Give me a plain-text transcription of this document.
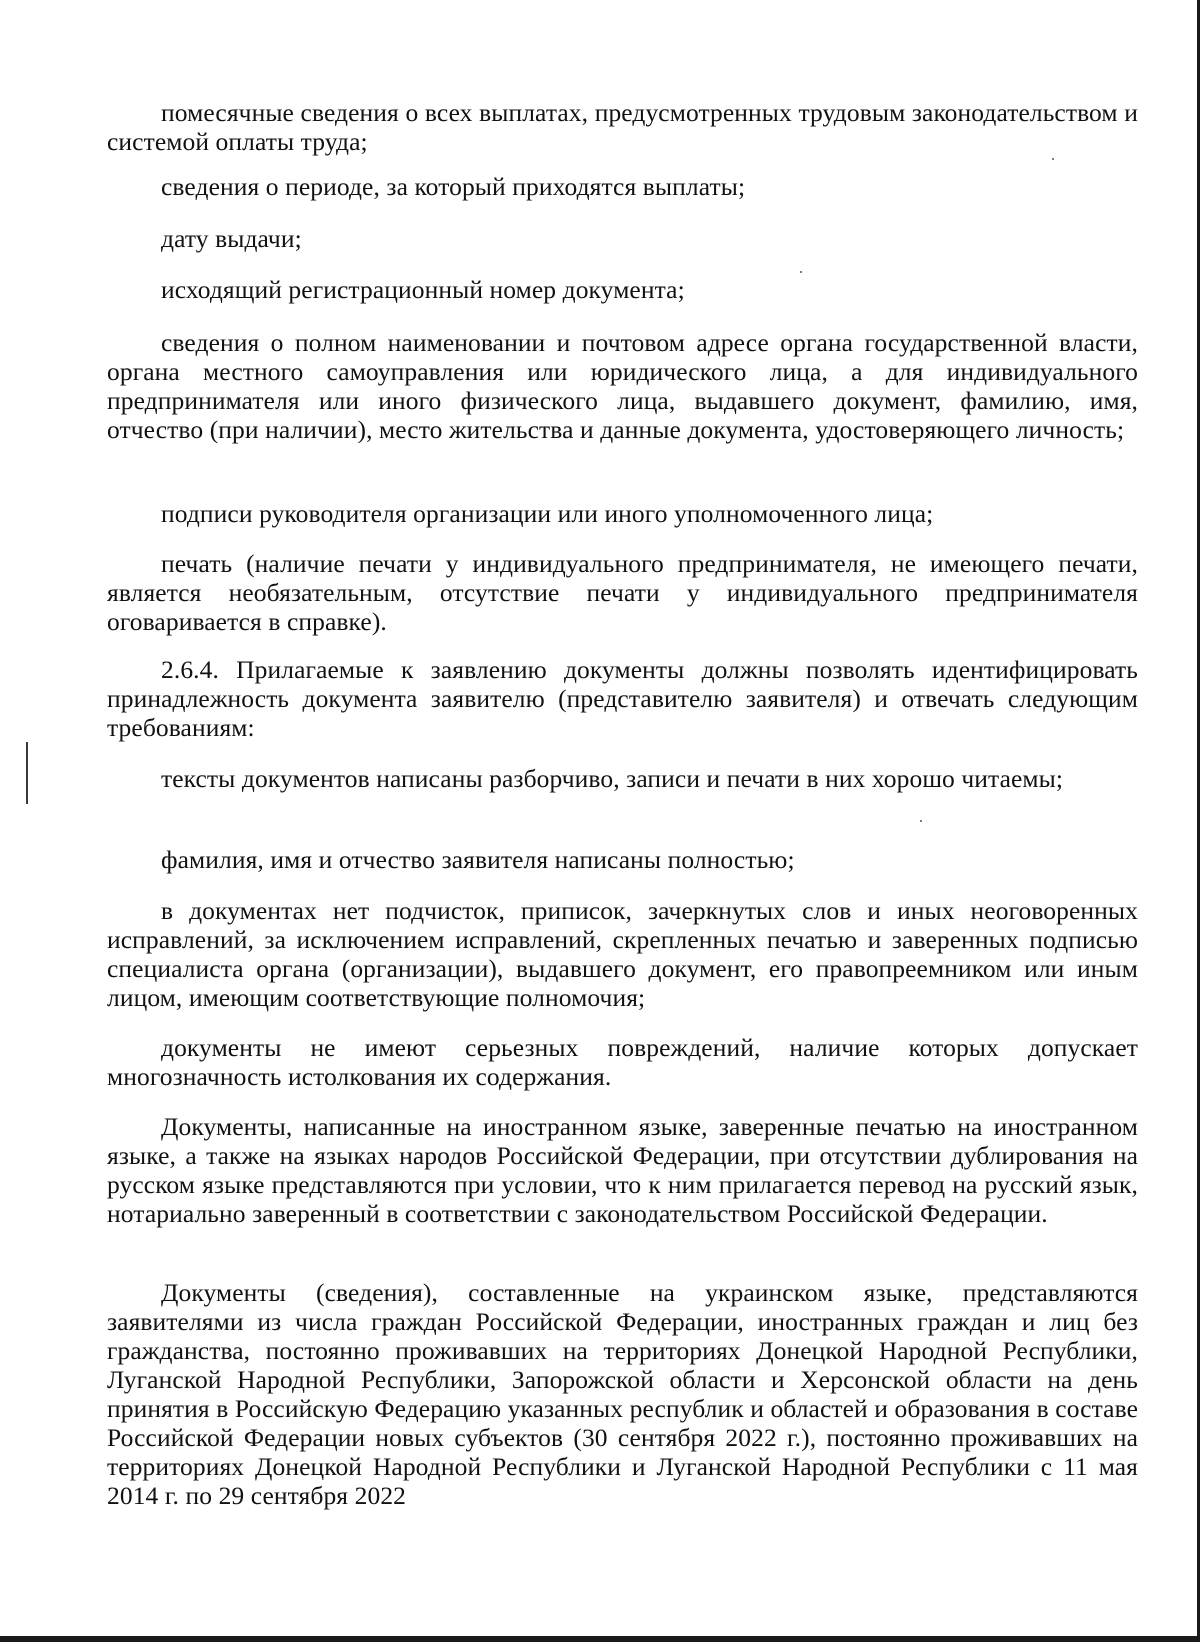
помесячные сведения о всех выплатах, предусмотренных трудовым законодательством и системой оплаты труда;

сведения о периоде, за который приходятся выплаты;

дату выдачи;

исходящий регистрационный номер документа;

сведения о полном наименовании и почтовом адресе органа государственной власти, органа местного самоуправления или юридического лица, а для индивидуального предпринимателя или иного физического лица, выдавшего документ, фамилию, имя, отчество (при наличии), место жительства и данные документа, удостоверяющего личность;

подписи руководителя организации или иного уполномоченного лица;

печать (наличие печати у индивидуального предпринимателя, не имеющего печати, является необязательным, отсутствие печати у индивидуального предпринимателя оговаривается в справке).

2.6.4. Прилагаемые к заявлению документы должны позволять идентифицировать принадлежность документа заявителю (представителю заявителя) и отвечать следующим требованиям:

тексты документов написаны разборчиво, записи и печати в них хорошо читаемы;

фамилия, имя и отчество заявителя написаны полностью;

в документах нет подчисток, приписок, зачеркнутых слов и иных неоговоренных исправлений, за исключением исправлений, скрепленных печатью и заверенных подписью специалиста органа (организации), выдавшего документ, его правопреемником или иным лицом, имеющим соответствующие полномочия;

документы не имеют серьезных повреждений, наличие которых допускает многозначность истолкования их содержания.

Документы, написанные на иностранном языке, заверенные печатью на иностранном языке, а также на языках народов Российской Федерации, при отсутствии дублирования на русском языке представляются при условии, что к ним прилагается перевод на русский язык, нотариально заверенный в соответствии с законодательством Российской Федерации.

Документы (сведения), составленные на украинском языке, представляются заявителями из числа граждан Российской Федерации, иностранных граждан и лиц без гражданства, постоянно проживавших на территориях Донецкой Народной Республики, Луганской Народной Республики, Запорожской области и Херсонской области на день принятия в Российскую Федерацию указанных республик и областей и образования в составе Российской Федерации новых субъектов (30 сентября 2022 г.), постоянно проживавших на территориях Донецкой Народной Республики и Луганской Народной Республики с 11 мая 2014 г. по 29 сентября 2022
